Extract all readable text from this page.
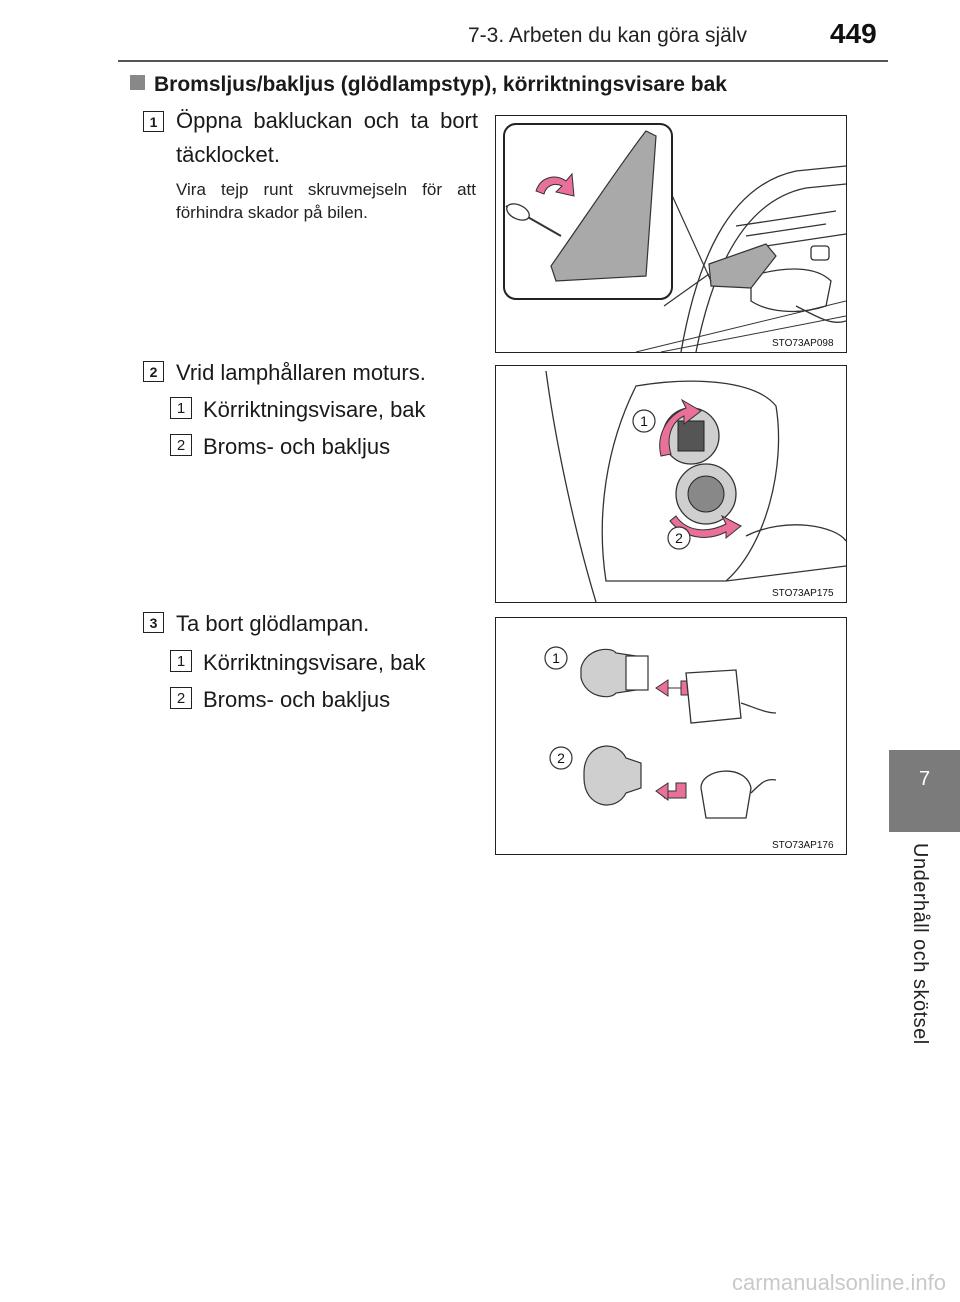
7-3. Arbeten du kan göra själv	449
7
Underhåll och skötsel
Bromsljus/bakljus (glödlampstyp), körriktningsvisare bak
1 Öppna bakluckan och ta bort täcklocket.
Vira tejp runt skruvmejseln för att förhindra skador på bilen.
STO73AP098
2 Vrid lamphållaren moturs.
1 Körriktningsvisare, bak
2 Broms- och bakljus
1
2
STO73AP175
3 Ta bort glödlampan.
1 Körriktningsvisare, bak
2 Broms- och bakljus
1
2
STO73AP176
carmanualsonline.info
